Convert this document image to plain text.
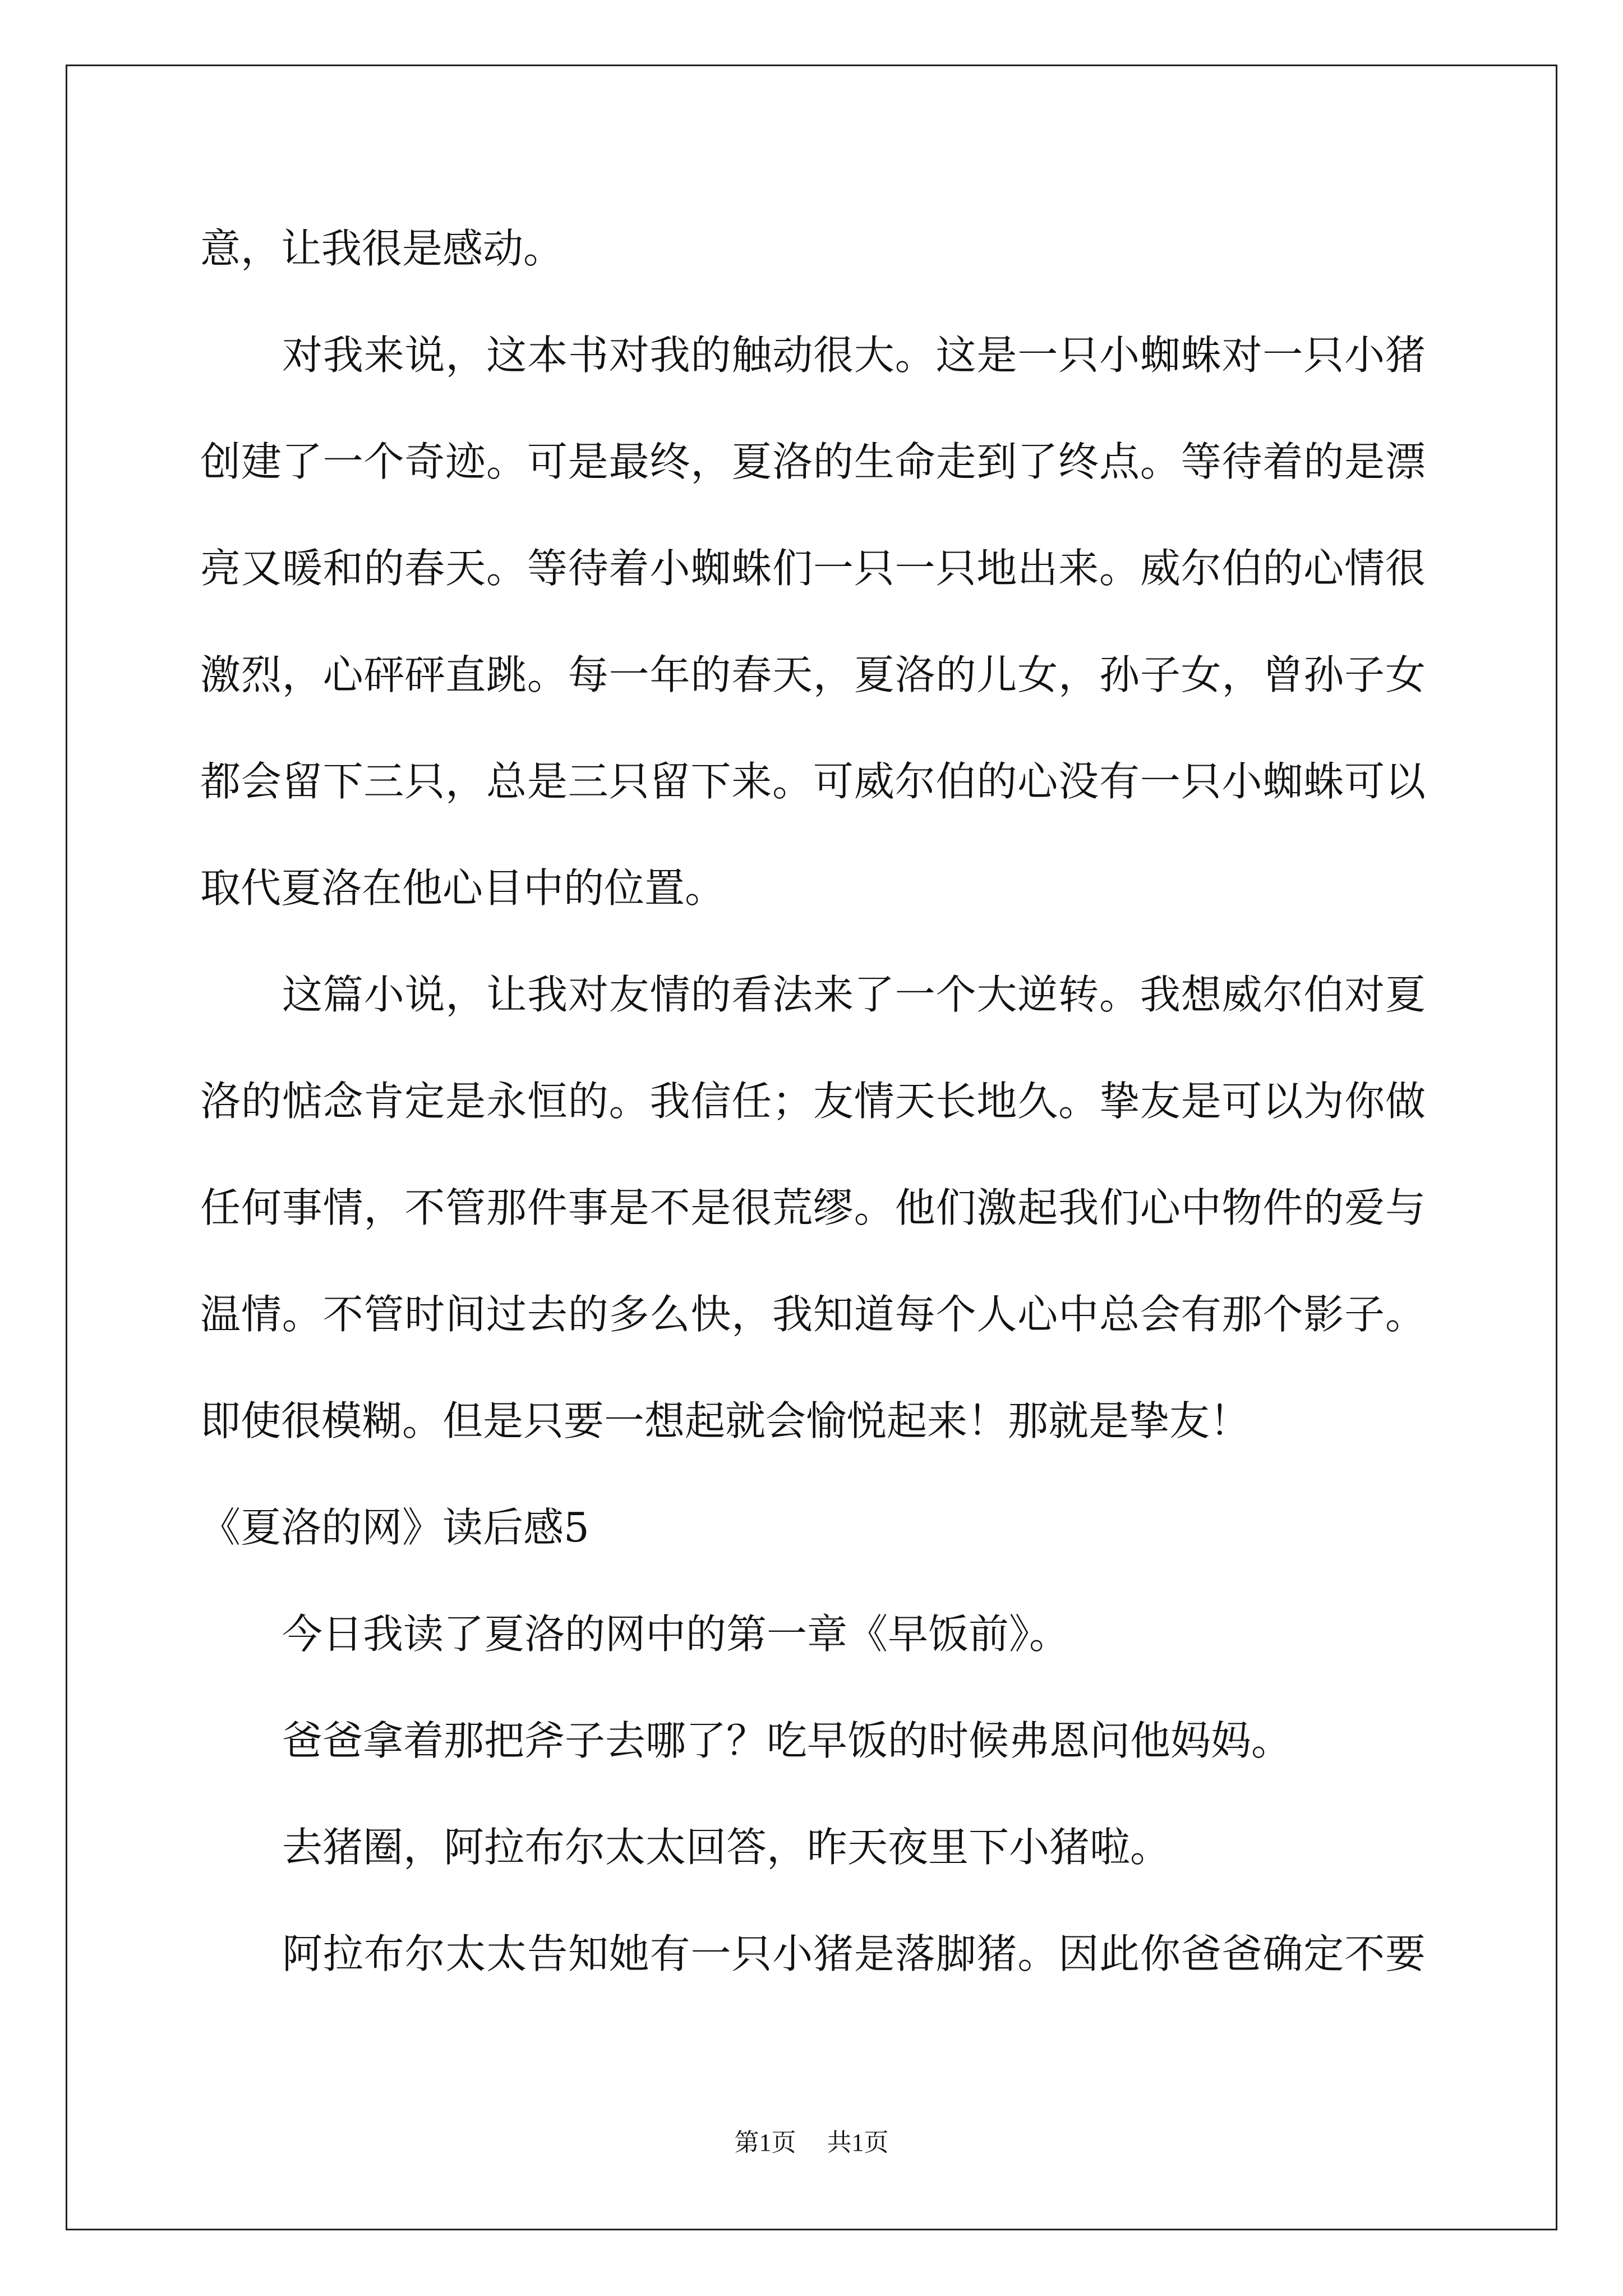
意，让我很是感动。
对我来说，这本书对我的触动很大。这是一只小蜘蛛对一只小猪
创建了一个奇迹。可是最终，夏洛的生命走到了终点。等待着的是漂
亮又暖和的春天。等待着小蜘蛛们一只一只地出来。威尔伯的心情很
激烈，心砰砰直跳。每一年的春天，夏洛的儿女，孙子女，曾孙子女
都会留下三只，总是三只留下来。可威尔伯的心没有一只小蜘蛛可以
取代夏洛在他心目中的位置。
这篇小说，让我对友情的看法来了一个大逆转。我想威尔伯对夏
洛的惦念肯定是永恒的。我信任；友情天长地久。挚友是可以为你做
任何事情，不管那件事是不是很荒缪。他们激起我们心中物件的爱与
温情。不管时间过去的多么快，我知道每个人心中总会有那个影子。
即使很模糊。但是只要一想起就会愉悦起来！那就是挚友！
《夏洛的网》读后感5
今日我读了夏洛的网中的第一章《早饭前》。
爸爸拿着那把斧子去哪了？吃早饭的时候弗恩问他妈妈。
去猪圈，阿拉布尔太太回答，昨天夜里下小猪啦。
阿拉布尔太太告知她有一只小猪是落脚猪。因此你爸爸确定不要
第1页 共1页
